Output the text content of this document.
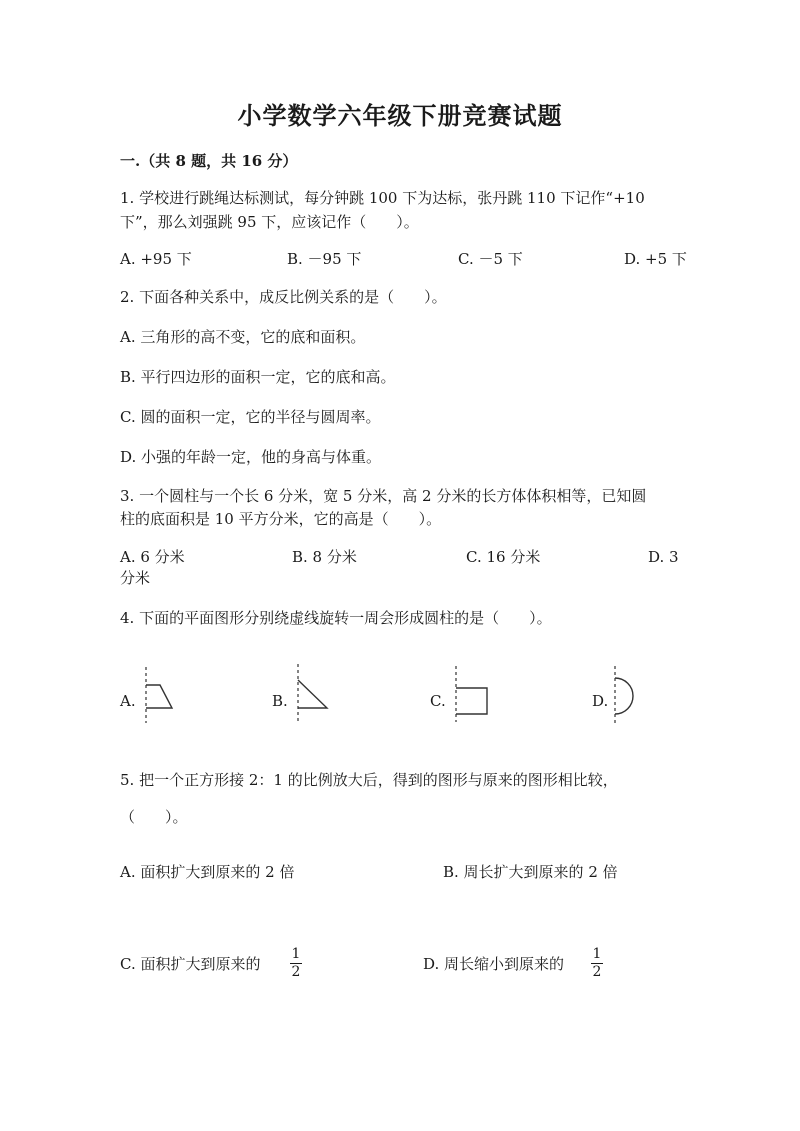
小学数学六年级下册竞赛试题
一.（共 8 题，共 16 分）
1. 学校进行跳绳达标测试，每分钟跳 100 下为达标，张丹跳 110 下记作“+10
下”，那么刘强跳 95 下，应该记作（　　）。
A. +95 下	B. －95 下	C. －5 下	D. +5 下
2. 下面各种关系中，成反比例关系的是（　　）。
A. 三角形的高不变，它的底和面积。
B. 平行四边形的面积一定，它的底和高。
C. 圆的面积一定，它的半径与圆周率。
D. 小强的年龄一定，他的身高与体重。
3. 一个圆柱与一个长 6 分米，宽 5 分米，高 2 分米的长方体体积相等，已知圆
柱的底面积是 10 平方分米，它的高是（　　）。
A. 6 分米	B. 8 分米	C. 16 分米	D. 3
分米
4. 下面的平面图形分别绕虚线旋转一周会形成圆柱的是（　　）。
A.	B.	C.	D.
5. 把一个正方形接 2：1 的比例放大后，得到的图形与原来的图形相比较，
（　　）。
A. 面积扩大到原来的 2 倍	B. 周长扩大到原来的 2 倍
C. 面积扩大到原来的
1
2	D. 周长缩小到原来的
1
2
